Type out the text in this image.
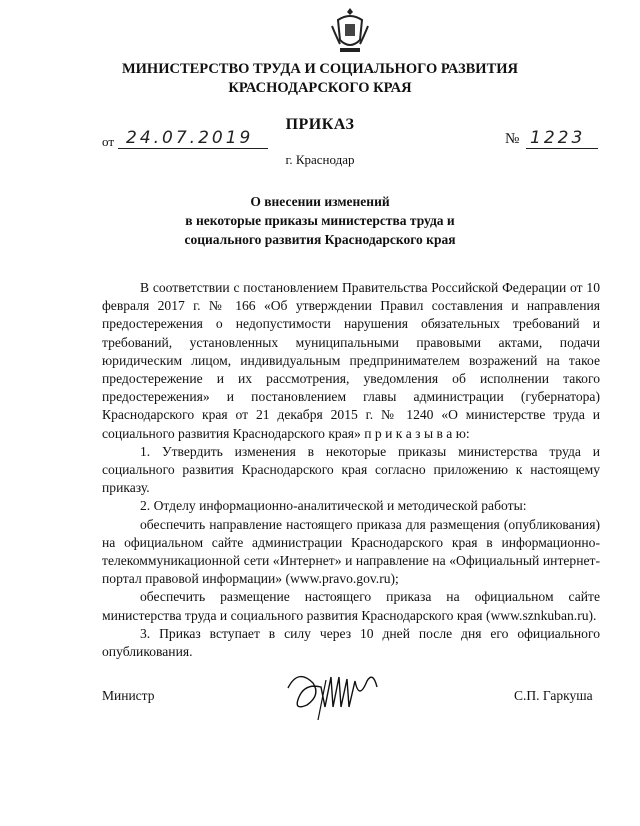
МИНИСТЕРСТВО ТРУДА И СОЦИАЛЬНОГО РАЗВИТИЯ
КРАСНОДАРСКОГО КРАЯ
ПРИКАЗ
от 24.07.2019	№ 1223
г. Краснодар
О внесении изменений
в некоторые приказы министерства труда и
социального развития Краснодарского края

В соответствии с постановлением Правительства Российской Федерации от 10 февраля 2017 г. № 166 «Об утверждении Правил составления и направления предостережения о недопустимости нарушения обязательных требований и требований, установленных муниципальными правовыми актами, подачи юридическим лицом, индивидуальным предпринимателем возражений на такое предостережение и их рассмотрения, уведомления об исполнении такого предостережения» и постановлением главы администрации (губернатора) Краснодарского края от 21 декабря 2015 г. № 1240 «О министерстве труда и социального развития Краснодарского края» п р и к а з ы в а ю:

1. Утвердить изменения в некоторые приказы министерства труда и социального развития Краснодарского края согласно приложению к настоящему приказу.

2. Отделу информационно-аналитической и методической работы:

обеспечить направление настоящего приказа для размещения (опубликования) на официальном сайте администрации Краснодарского края в информационно-телекоммуникационной сети «Интернет» и направление на «Официальный интернет-портал правовой информации» (www.pravo.gov.ru);

обеспечить размещение настоящего приказа на официальном сайте министерства труда и социального развития Краснодарского края (www.sznkuban.ru).

3. Приказ вступает в силу через 10 дней после дня его официального опубликования.

Министр	С.П. Гаркуша
